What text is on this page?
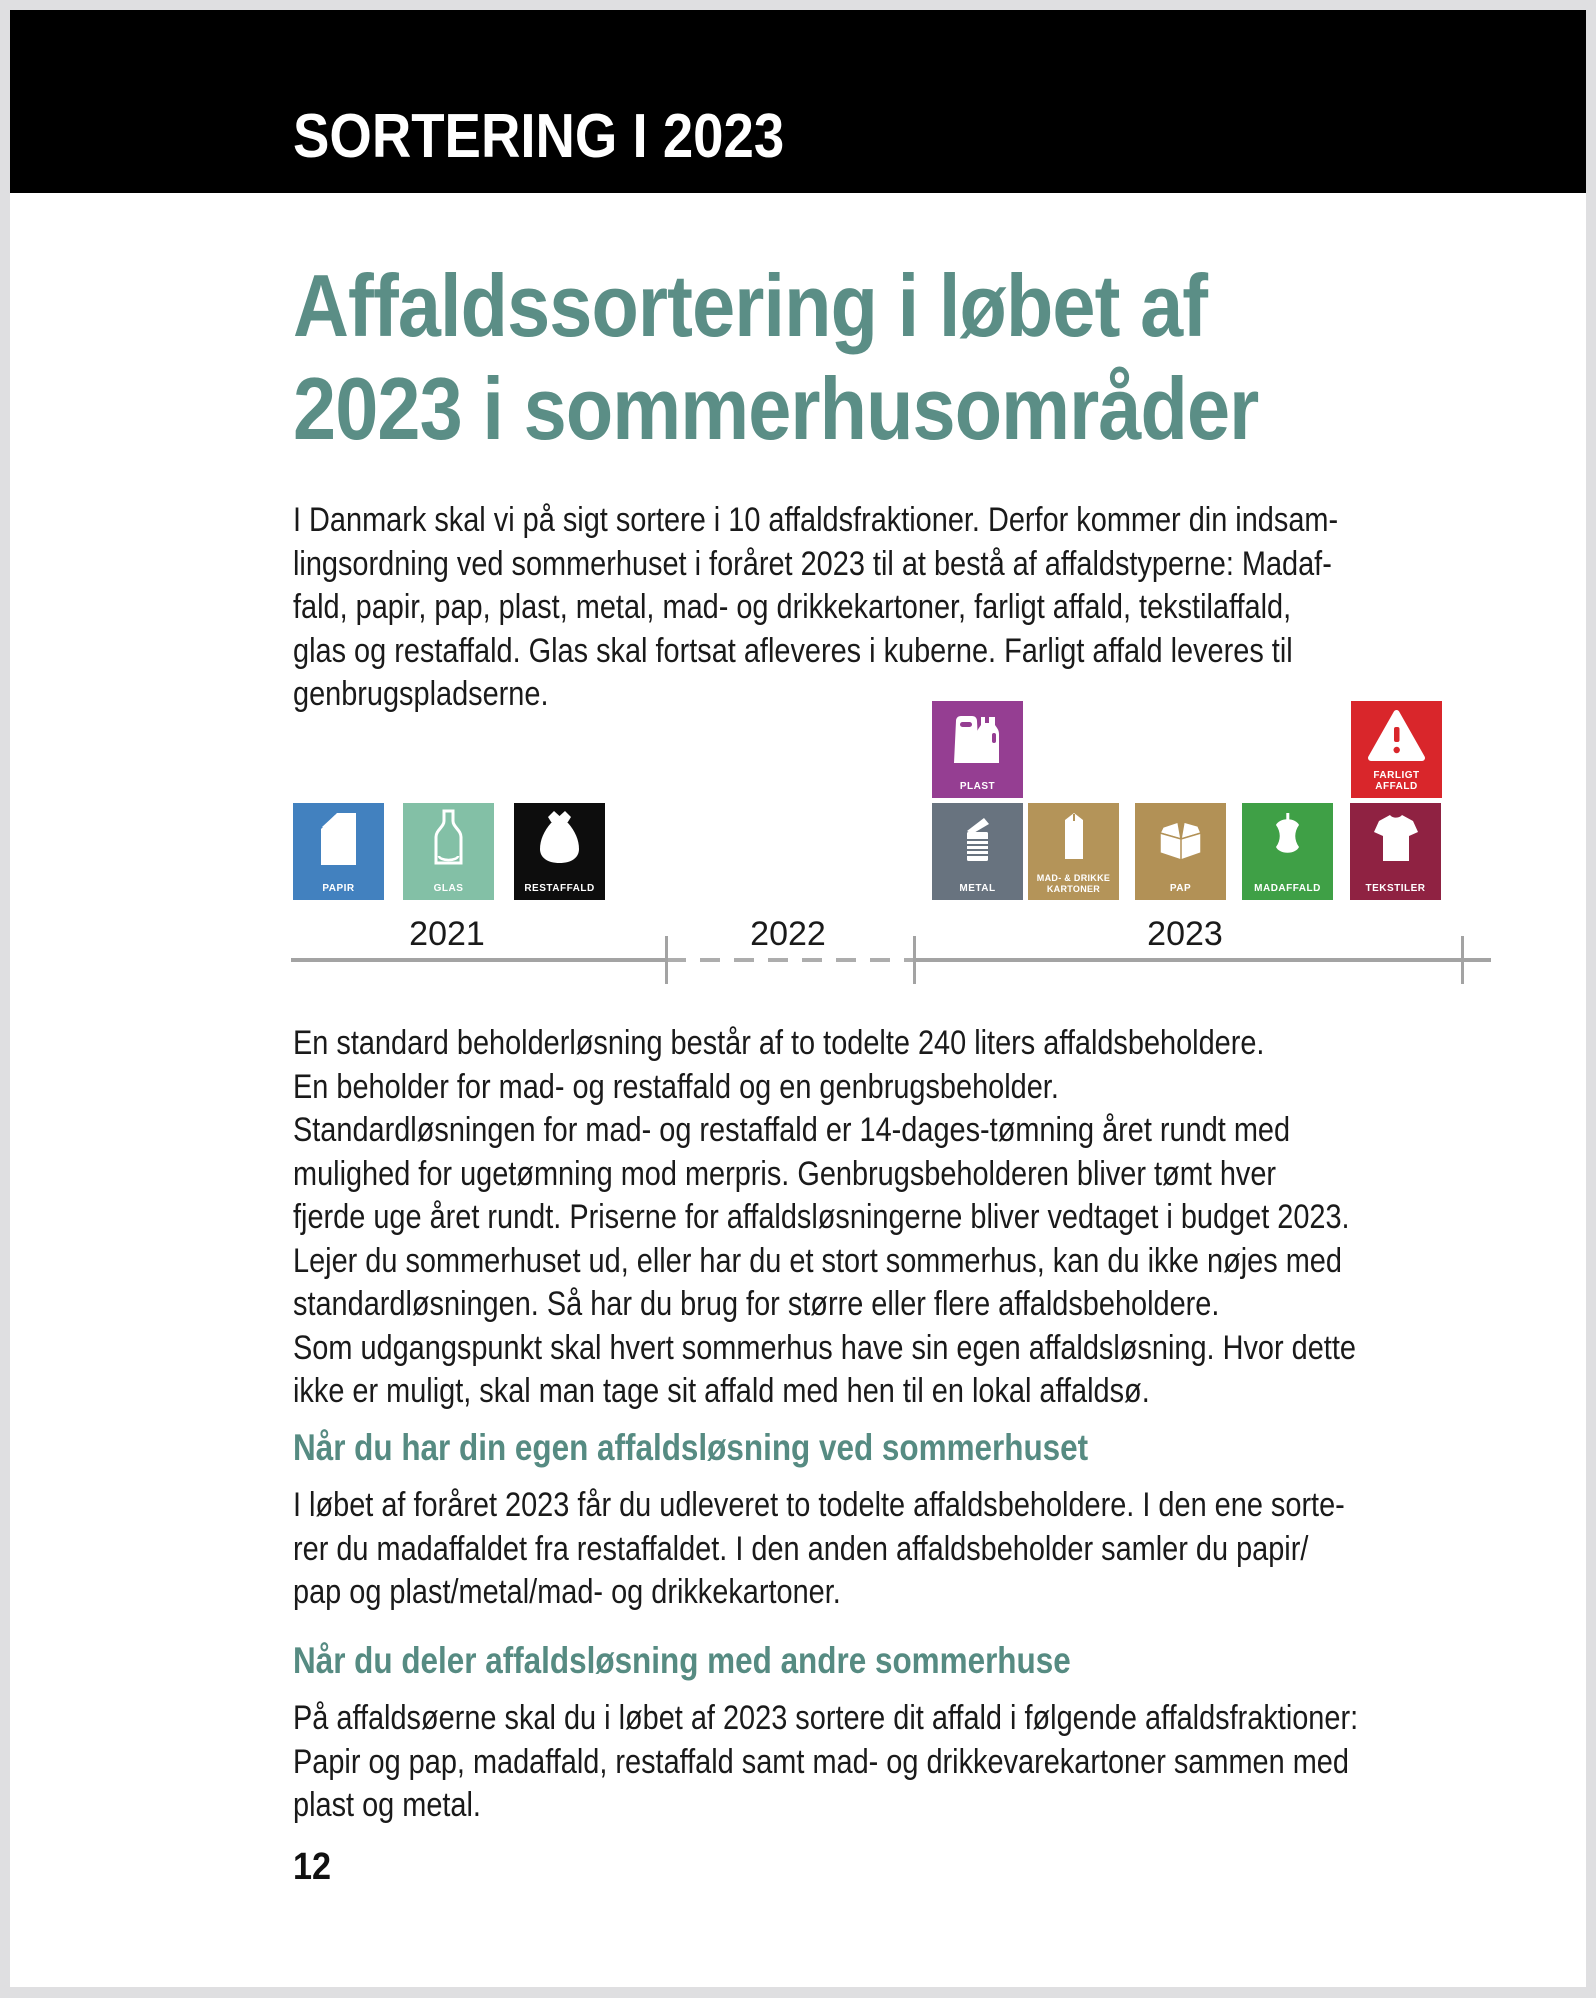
SORTERING I 2023
Affaldssortering i løbet af
2023 i sommerhusområder
I Danmark skal vi på sigt sortere i 10 affaldsfraktioner. Derfor kommer din indsam-
lingsordning ved sommerhuset i foråret 2023 til at bestå af affaldstyperne: Madaf-
fald, papir, pap, plast, metal, mad- og drikkekartoner, farligt affald, tekstilaffald,
glas og restaffald. Glas skal fortsat afleveres i kuberne. Farligt affald leveres til
genbrugspladserne.
PAPIR	GLAS	RESTAFFALD
PLAST
FARLIGT AFFALD
METAL
MAD- & DRIKKE
KARTONER	PAP	MADAFFALD	TEKSTILER
2021	2022	2023
En standard beholderløsning består af to todelte 240 liters affaldsbeholdere.
En beholder for mad- og restaffald og en genbrugsbeholder.
Standardløsningen for mad- og restaffald er 14-dages-tømning året rundt med
mulighed for ugetømning mod merpris. Genbrugsbeholderen bliver tømt hver
fjerde uge året rundt. Priserne for affaldsløsningerne bliver vedtaget i budget 2023.
Lejer du sommerhuset ud, eller har du et stort sommerhus, kan du ikke nøjes med
standardløsningen. Så har du brug for større eller flere affaldsbeholdere.
Som udgangspunkt skal hvert sommerhus have sin egen affaldsløsning. Hvor dette
ikke er muligt, skal man tage sit affald med hen til en lokal affaldsø.
Når du har din egen affaldsløsning ved sommerhuset
I løbet af foråret 2023 får du udleveret to todelte affaldsbeholdere. I den ene sorte-
rer du madaffaldet fra restaffaldet. I den anden affaldsbeholder samler du papir/
pap og plast/metal/mad- og drikkekartoner.
Når du deler affaldsløsning med andre sommerhuse
På affaldsøerne skal du i løbet af 2023 sortere dit affald i følgende affaldsfraktioner:
Papir og pap, madaffald, restaffald samt mad- og drikkevarekartoner sammen med
plast og metal.
12
